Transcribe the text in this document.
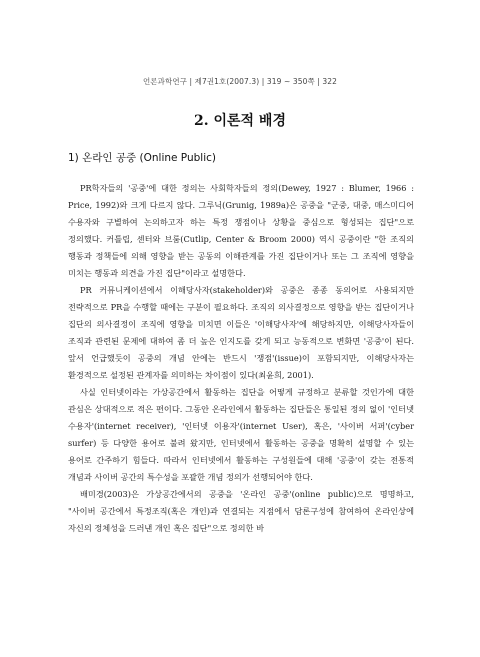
언론과학연구 | 제7권1호(2007.3) | 319 ~ 350쪽 | 322
2. 이론적 배경
1) 온라인 공중 (Online Public)

PR학자들의 '공중'에 대한 정의는 사회학자들의 정의(Dewey, 1927 : Blumer, 1966 : Price, 1992)와 크게 다르지 않다. 그루닉(Grunig, 1989a)은 공중을 "군중, 대중, 매스미디어 수용자와 구별하여 논의하고자 하는 특정 쟁점이나 상황을 중심으로 형성되는 집단"으로 정의했다. 커틀립, 센터와 브룸(Cutlip, Center & Broom 2000) 역시 공중이란 "한 조직의 행동과 정책들에 의해 영향을 받는 공동의 이해관계를 가진 집단이거나 또는 그 조직에 영향을 미치는 행동과 의견을 가진 집단"이라고 설명한다.

PR 커뮤니케이션에서 이해당사자(stakeholder)와 공중은 종종 동의어로 사용되지만 전략적으로 PR을 수행할 때에는 구분이 필요하다. 조직의 의사결정으로 영향을 받는 집단이거나 집단의 의사결정이 조직에 영향을 미치면 이들은 '이해당사자'에 해당하지만, 이해당사자들이 조직과 관련된 문제에 대하여 좀 더 높은 인지도를 갖게 되고 능동적으로 변화면 '공중'이 된다. 앞서 언급했듯이 공중의 개념 안에는 반드시 '쟁점'(issue)이 포함되지만, 이해당사자는 환경적으로 설정된 관계자를 의미하는 차이점이 있다(최윤희, 2001).

사실 인터넷이라는 가상공간에서 활동하는 집단을 어떻게 규정하고 분류할 것인가에 대한 관심은 상대적으로 적은 편이다. 그동안 온라인에서 활동하는 집단들은 통일된 정의 없이 '인터넷 수용자'(internet receiver), '인터넷 이용자'(internet User), 혹은, '사이버 서퍼'(cyber surfer) 등 다양한 용어로 불려 왔지만, 인터넷에서 활동하는 공중을 명확히 설명할 수 있는 용어로 간주하기 힘들다. 따라서 인터넷에서 활동하는 구성원들에 대해 '공중'이 갖는 전통적 개념과 사이버 공간의 특수성을 포괄한 개념 정의가 선행되어야 한다.

배미경(2003)은 가상공간에서의 공중을 '온라인 공중'(online public)으로 명명하고, "사이버 공간에서 특정조직(혹은 개인)과 연결되는 지점에서 담론구성에 참여하여 온라인상에 자신의 정체성을 드러낸 개인 혹은 집단"으로 정의한 바
